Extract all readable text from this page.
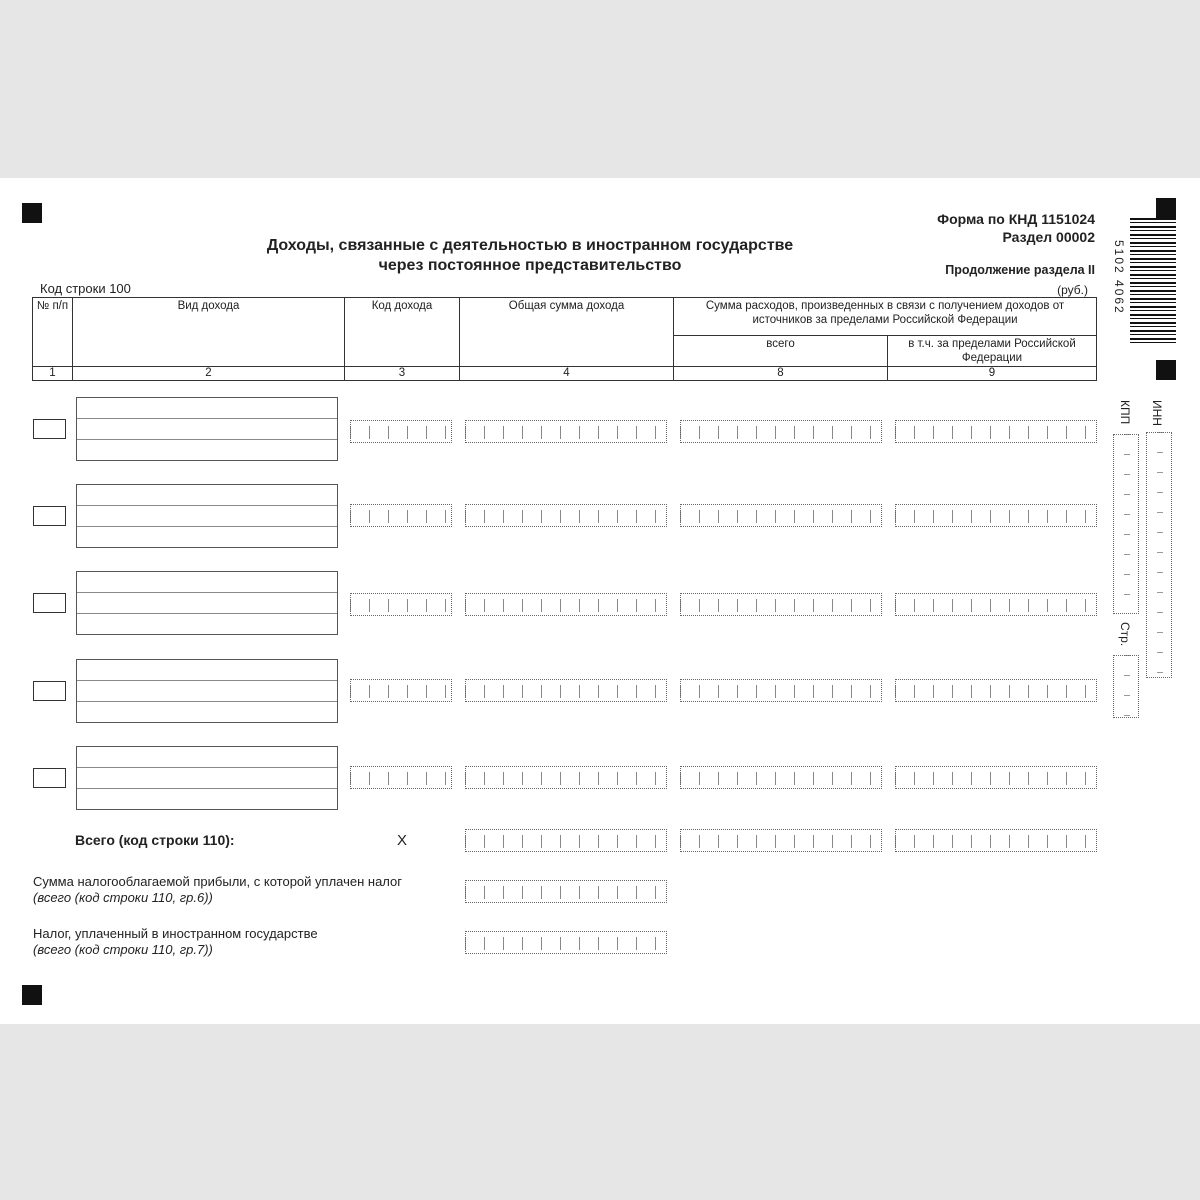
Доходы, связанные с деятельностью в иностранном государстве
через постоянное представительство
Форма по КНД 1151024
Раздел 00002
Продолжение раздела II
(руб.)
Код строки 100	5102 4062
ИНН
КПП
Стр.
№ п/п	Вид дохода	Код дохода	Общая сумма дохода	Сумма расходов, произведенных в связи с получением доходов от источников за пределами Российской Федерации	
				всего	в т.ч. за пределами Российской Федерации
1	2	3	4	8	9
Всего (код строки 110):	X
Сумма налогооблагаемой прибыли, с которой уплачен налог
(всего (код строки 110, гр.6))
Налог, уплаченный в иностранном государстве
(всего (код строки 110, гр.7))
